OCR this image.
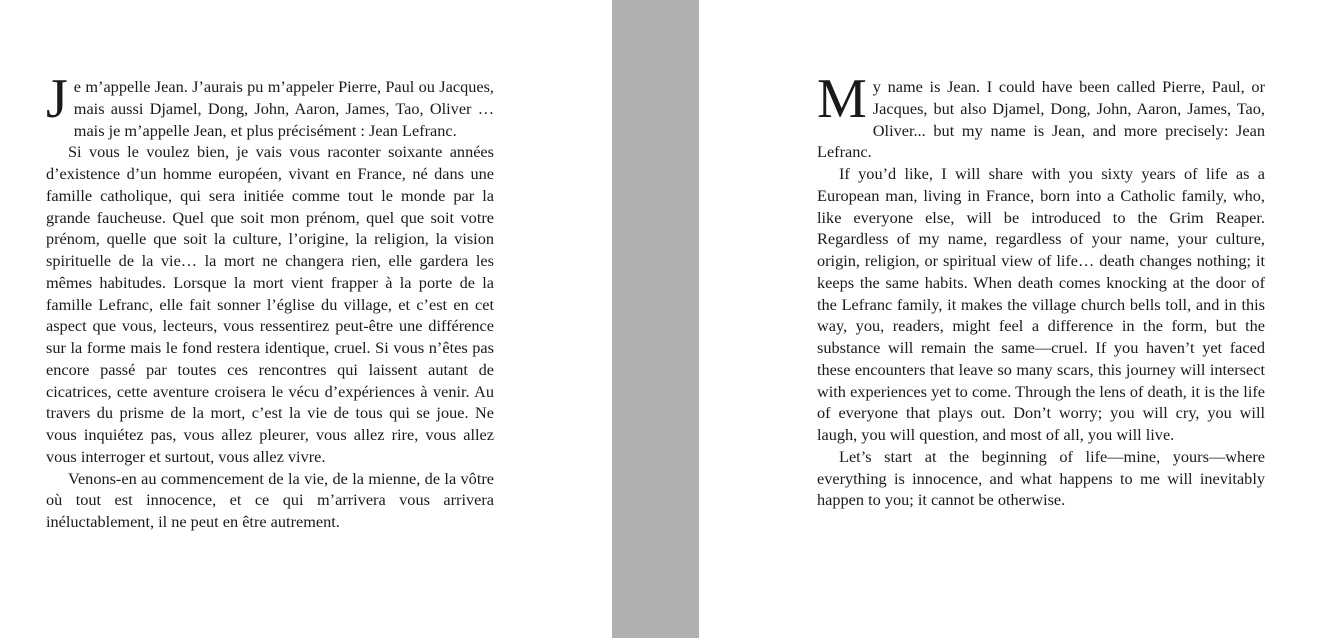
Je m’appelle Jean. J’aurais pu m’appeler Pierre, Paul ou Jacques, mais aussi Djamel, Dong, John, Aaron, James, Tao, Oliver … mais je m’appelle Jean, et plus précisément : Jean Lefranc.

Si vous le voulez bien, je vais vous raconter soixante années d’existence d’un homme européen, vivant en France, né dans une famille catholique, qui sera initiée comme tout le monde par la grande faucheuse. Quel que soit mon prénom, quel que soit votre prénom, quelle que soit la culture, l’origine, la religion, la vision spirituelle de la vie… la mort ne changera rien, elle gardera les mêmes habitudes. Lorsque la mort vient frapper à la porte de la famille Lefranc, elle fait sonner l’église du village, et c’est en cet aspect que vous, lecteurs, vous ressentirez peut-être une différence sur la forme mais le fond restera identique, cruel. Si vous n’êtes pas encore passé par toutes ces rencontres qui laissent autant de cicatrices, cette aventure croisera le vécu d’expériences à venir. Au travers du prisme de la mort, c’est la vie de tous qui se joue. Ne vous inquiétez pas, vous allez pleurer, vous allez rire, vous allez vous interroger et surtout, vous allez vivre.

Venons-en au commencement de la vie, de la mienne, de la vôtre où tout est innocence, et ce qui m’arrivera vous arrivera inéluctablement, il ne peut en être autrement.

My name is Jean. I could have been called Pierre, Paul, or Jacques, but also Djamel, Dong, John, Aaron, James, Tao, Oliver... but my name is Jean, and more precisely: Jean Lefranc.

If you’d like, I will share with you sixty years of life as a European man, living in France, born into a Catholic family, who, like everyone else, will be introduced to the Grim Reaper. Regardless of my name, regardless of your name, your culture, origin, religion, or spiritual view of life… death changes nothing; it keeps the same habits. When death comes knocking at the door of the Lefranc family, it makes the village church bells toll, and in this way, you, readers, might feel a difference in the form, but the substance will remain the same—cruel. If you haven’t yet faced these encounters that leave so many scars, this journey will intersect with experiences yet to come. Through the lens of death, it is the life of everyone that plays out. Don’t worry; you will cry, you will laugh, you will question, and most of all, you will live.

Let’s start at the beginning of life—mine, yours—where everything is innocence, and what happens to me will inevitably happen to you; it cannot be otherwise.
